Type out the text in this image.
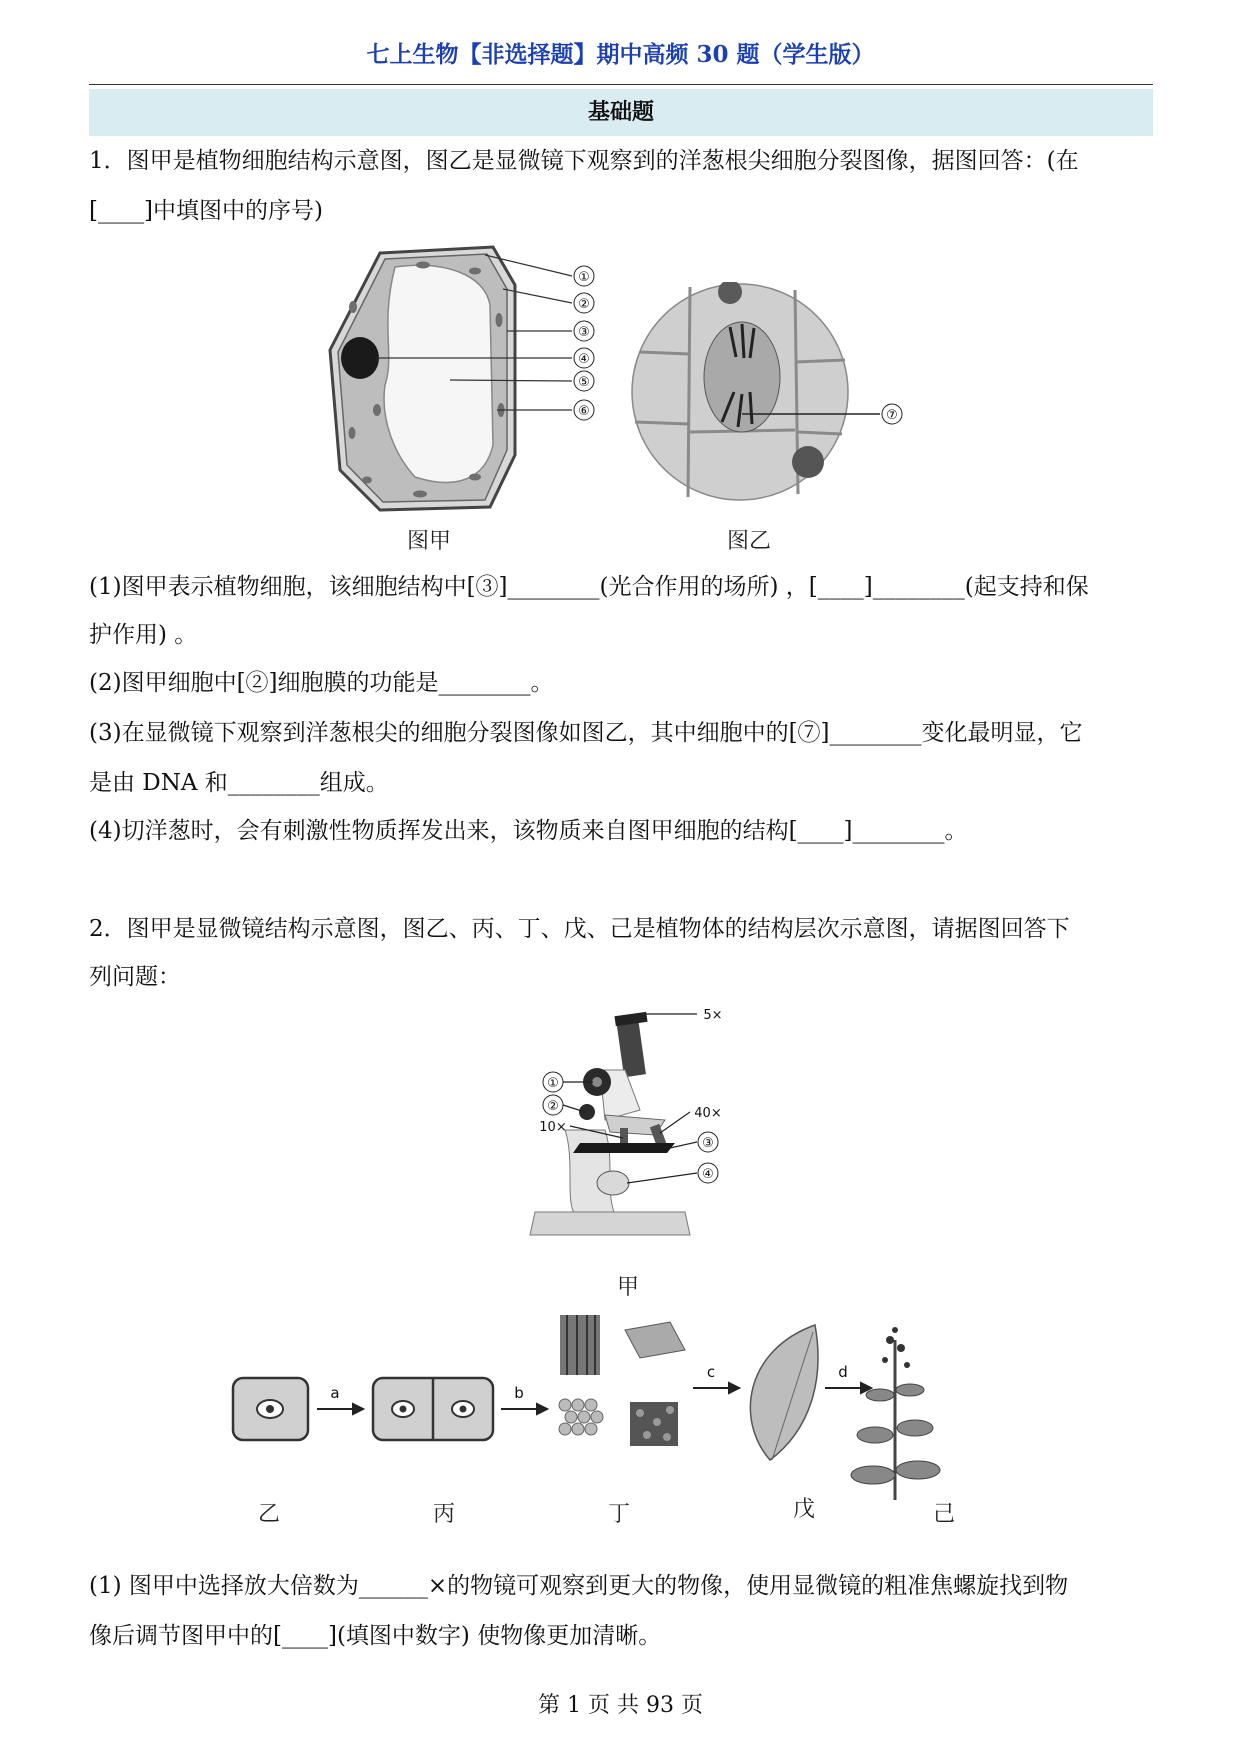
七上生物【非选择题】期中高频 30 题（学生版）
基础题
1．图甲是植物细胞结构示意图，图乙是显微镜下观察到的洋葱根尖细胞分裂图像，据图回答：(在
[____]中填图中的序号)
①
②
③
④
⑤
⑥	⑦
图甲	图乙
(1)图甲表示植物细胞，该细胞结构中[③]________(光合作用的场所) ，[____]________(起支持和保
护作用) 。
(2)图甲细胞中[②]细胞膜的功能是________。
(3)在显微镜下观察到洋葱根尖的细胞分裂图像如图乙，其中细胞中的[⑦]________变化最明显，它
是由 DNA 和________组成。
(4)切洋葱时，会有刺激性物质挥发出来，该物质来自图甲细胞的结构[____]________。
2．图甲是显微镜结构示意图，图乙、丙、丁、戊、己是植物体的结构层次示意图，请据图回答下
列问题：
5×
①
②	40×
10×
③
④
甲
a	b
c	d
乙	丙	丁	戊	己
(1) 图甲中选择放大倍数为______×的物镜可观察到更大的物像，使用显微镜的粗准焦螺旋找到物
像后调节图甲中的[____](填图中数字) 使物像更加清晰。
第 1 页 共 93 页
